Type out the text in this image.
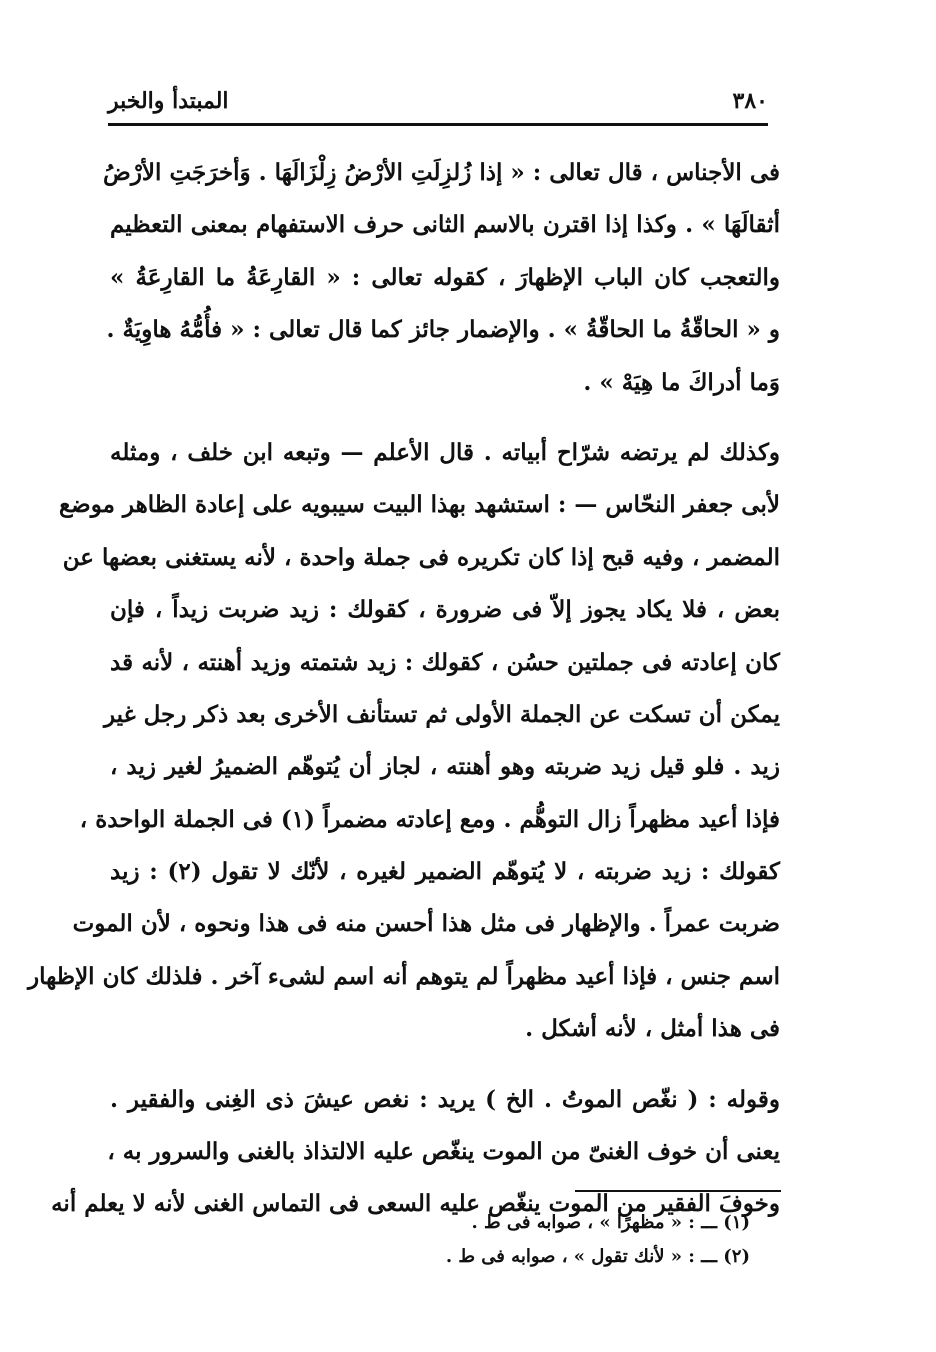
٣٨٠
المبتدأ والخبر
فى الأجناس ، قال تعالى : « إذا زُلزِلَتِ الأرْضُ زِلْزَالَهَا . وَأخرَجَتِ الأرْضُ
أثقالَهَا » . وكذا إذا اقترن بالاسم الثانى حرف الاستفهام بمعنى التعظيم
والتعجب كان الباب الإظهارَ ، كقوله تعالى : « القارِعَةُ ما القارِعَةُ »
و « الحاقّةُ ما الحاقّةُ » . والإضمار جائز كما قال تعالى : « فأُمُّهُ هاوِيَةٌ .
وَما أدراكَ ما هِيَهْ » .
وكذلك لم يرتضه شرّاح أبياته . قال الأعلم — وتبعه ابن خلف ، ومثله
لأبى جعفر النحّاس — : استشهد بهذا البيت سيبويه على إعادة الظاهر موضع
المضمر ، وفيه قبح إذا كان تكريره فى جملة واحدة ، لأنه يستغنى بعضها عن
بعض ، فلا يكاد يجوز إلاّ فى ضرورة ، كقولك : زيد ضربت زيداً ، فإن
كان إعادته فى جملتين حسُن ، كقولك : زيد شتمته وزيد أهنته ، لأنه قد
يمكن أن تسكت عن الجملة الأولى ثم تستأنف الأخرى بعد ذكر رجل غير
زيد . فلو قيل زيد ضربته وهو أهنته ، لجاز أن يُتوهّم الضميرُ لغير زيد ،
فإذا أعيد مظهراً زال التوهُّم . ومع إعادته مضمراً (١) فى الجملة الواحدة ،
كقولك : زيد ضربته ، لا يُتوهّم الضمير لغيره ، لأنّك لا تقول (٢) : زيد
ضربت عمراً . والإظهار فى مثل هذا أحسن منه فى هذا ونحوه ، لأن الموت
اسم جنس ، فإذا أعيد مظهراً لم يتوهم أنه اسم لشىء آخر . فلذلك كان الإظهار
فى هذا أمثل ، لأنه أشكل .
وقوله : ( نغّص الموتُ . الخ ) يريد : نغص عيشَ ذى الغِنى والفقير .
يعنى أن خوف الغنىّ من الموت ينغّص عليه الالتذاذ بالغنى والسرور به ،
وخوفَ الفقير من الموت ينغّص عليه السعى فى التماس الغنى لأنه لا يعلم أنه
(١) ـــ : « مظهرًا » ، صوابه فى ط .
(٢) ـــ : « لأنك تقول » ، صوابه فى ط .
